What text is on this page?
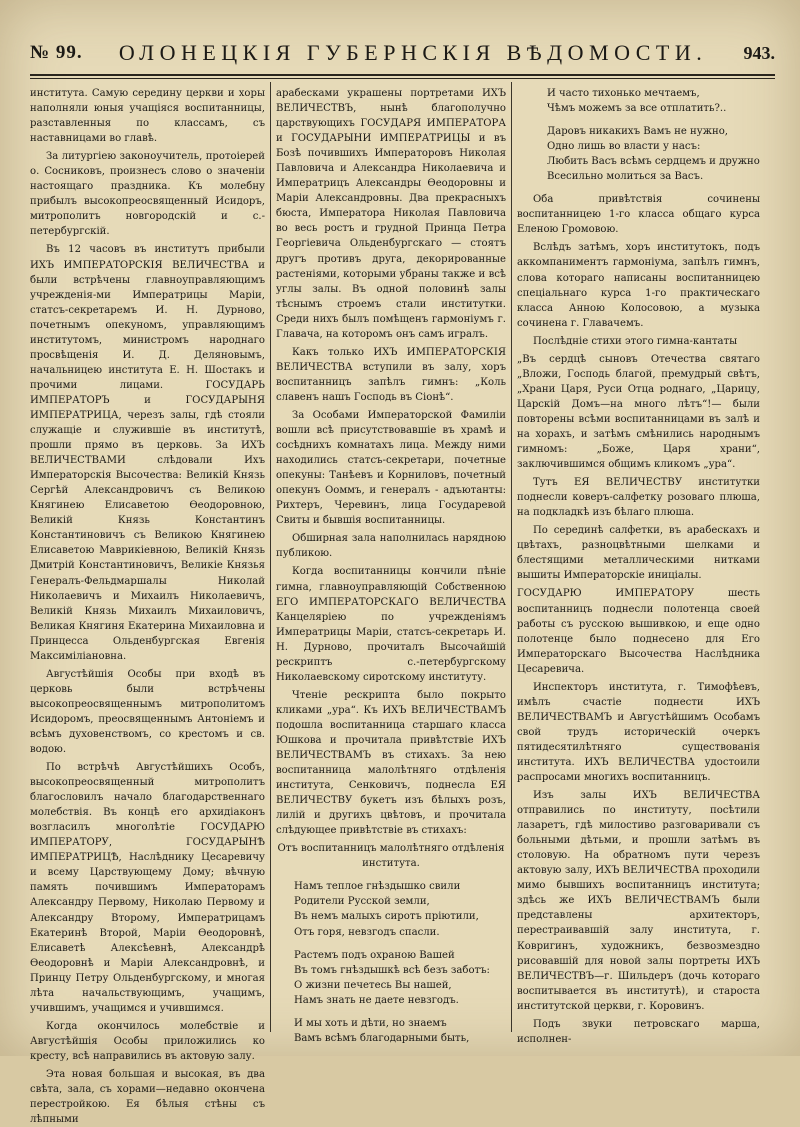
№ 99. ОЛОНЕЦКІЯ ГУБЕРНСКІЯ ВѢДОМОСТИ. 943.

института. Самую середину церкви и хоры наполняли юныя учащіяся воспитанницы, разставленныя по классамъ, съ наставницами во главѣ.

За литургіею законоучитель, протоіерей о. Сосниковъ, произнесъ слово о значеніи настоящаго праздника. Къ молебну прибылъ высокопреосвященный Исидоръ, митрополитъ новгородскій и с.-петербургскій.

Въ 12 часовъ въ институтъ прибыли ИХЪ ИМПЕРАТОРСКІЯ ВЕЛИЧЕСТВА и были встрѣчены главноуправляющимъ учрежденія-ми Императрицы Маріи, статсъ-секретаремъ И. Н. Дурново, почетнымъ опекуномъ, управляющимъ институтомъ, министромъ народнаго просвѣщенія И. Д. Деляновымъ, начальницею института Е. Н. Шостакъ и прочими лицами. ГОСУДАРЬ ИМПЕРАТОРЪ и ГОСУДАРЫНЯ ИМПЕРАТРИЦА, черезъ залы, гдѣ стояли служащіе и служившіе въ институтѣ, прошли прямо въ церковь. За ИХЪ ВЕЛИЧЕСТВАМИ слѣдовали Ихъ Императорскія Высочества: Великій Князь Сергѣй Александровичъ съ Великою Княгинею Елисаветою Ѳеодоровною, Великій Князь Константинъ Константиновичъ съ Великою Княгинею Елисаветою Маврикіевною, Великій Князь Дмитрій Константиновичъ, Великіе Князья Генералъ-Фельдмаршалы Николай Николаевичъ и Михаилъ Николаевичъ, Великій Князь Михаилъ Михаиловичъ, Великая Княгиня Екатерина Михаиловна и Принцесса Ольденбургская Евгенія Максиміліановна.

Августѣйшія Особы при входѣ въ церковь были встрѣчены высокопреосвященнымъ митрополитомъ Исидоромъ, преосвященнымъ Антоніемъ и всѣмъ духовенствомъ, со крестомъ и св. водою.

По встрѣчѣ Августѣйшихъ Особъ, высокопреосвященный митрополитъ благословилъ начало благодарственнаго молебствія. Въ концѣ его архидіаконъ возгласилъ многолѣтіе ГОСУДАРЮ ИМПЕРАТОРУ, ГОСУДАРЫНѢ ИМПЕРАТРИЦѢ, Наслѣднику Цесаревичу и всему Царствующему Дому; вѣчную память почившимъ Императорамъ Александру Первому, Николаю Первому и Александру Второму, Императрицамъ Екатеринѣ Второй, Маріи Ѳеодоровнѣ, Елисаветѣ Алексѣевнѣ, Александрѣ Ѳеодоровнѣ и Маріи Александровнѣ, и Принцу Петру Ольденбургскому, и многая лѣта начальствующимъ, учащимъ, учившимъ, учащимся и учившимся.

Когда окончилось молебствіе и Августѣйшія Особы приложились ко кресту, всѣ направились въ актовую залу.

Эта новая большая и высокая, въ два свѣта, зала, съ хорами—недавно окончена перестройкою. Ея бѣлыя стѣны съ лѣпными

арабесками украшены портретами ИХЪ ВЕЛИЧЕСТВЪ, нынѣ благополучно царствующихъ ГОСУДАРЯ ИМПЕРАТОРА и ГОСУДАРЫНИ ИМПЕРАТРИЦЫ и въ Бозѣ почившихъ Императоровъ Николая Павловича и Александра Николаевича и Императрицъ Александры Ѳеодоровны и Маріи Александровны. Два прекрасныхъ бюста, Императора Николая Павловича во весь ростъ и грудной Принца Петра Георгіевича Ольденбургскаго — стоятъ другъ противъ друга, декорированные растеніями, которыми убраны также и всѣ углы залы. Въ одной половинѣ залы тѣснымъ строемъ стали институтки. Среди нихъ былъ помѣщенъ гармоніумъ г. Главача, на которомъ онъ самъ игралъ.

Какъ только ИХЪ ИМПЕРАТОРСКІЯ ВЕЛИЧЕСТВА вступили въ залу, хоръ воспитанницъ запѣлъ гимнъ: „Коль славенъ нашъ Господь въ Сіонѣ“.

За Особами Императорской Фамиліи вошли всѣ присутствовавшіе въ храмѣ и сосѣднихъ комнатахъ лица. Между ними находились статсъ-секретари, почетные опекуны: Танѣевъ и Корниловъ, почетный опекунъ Ооммъ, и генералъ - адъютанты: Рихтеръ, Черевинъ, лица Государевой Свиты и бывшія воспитанницы.

Обширная зала наполнилась нарядною публикою.

Когда воспитанницы кончили пѣніе гимна, главноуправляющій Собственною ЕГО ИМПЕРАТОРСКАГО ВЕЛИЧЕСТВА Канцеляріею по учрежденіямъ Императрицы Маріи, статсъ-секретарь И. Н. Дурново, прочиталъ Высочайшій рескриптъ с.-петербургскому Николаевскому сиротскому институту.

Чтеніе рескрипта было покрыто кликами „ура“. Къ ИХЪ ВЕЛИЧЕСТВАМЪ подошла воспитанница старшаго класса Юшкова и прочитала привѣтствіе ИХЪ ВЕЛИЧЕСТВАМЪ въ стихахъ. За нею воспитанница малолѣтняго отдѣленія института, Сенковичъ, поднесла ЕЯ ВЕЛИЧЕСТВУ букетъ изъ бѣлыхъ розъ, лилій и другихъ цвѣтовъ, и прочитала слѣдующее привѣтствіе въ стихахъ:

Отъ воспитанницъ малолѣтняго отдѣленія института.

Намъ теплое гнѣздышко свили

Родители Русской земли,

Въ немъ малыхъ сиротъ пріютили,

Отъ горя, невзгодъ спасли.

Растемъ подъ охраною Вашей

Въ томъ гнѣздышкѣ всѣ безъ заботъ:

О жизни печетесь Вы нашей,

Намъ знать не даете невзгодъ.

И мы хоть и дѣти, но знаемъ

Вамъ всѣмъ благодарными быть,

И часто тихонько мечтаемъ,

Чѣмъ можемъ за все отплатить?..

Даровъ никакихъ Вамъ не нужно,

Одно лишь во власти у насъ:

Любить Васъ всѣмъ сердцемъ и дружно

Всесильно молиться за Васъ.

Оба привѣтствія сочинены воспитанницею 1-го класса общаго курса Еленою Громовою.

Вслѣдъ затѣмъ, хоръ институтокъ, подъ аккомпаниментъ гармоніума, запѣлъ гимнъ, слова котораго написаны воспитанницею спеціальнаго курса 1-го практическаго класса Анною Колосовою, а музыка сочинена г. Главачемъ.

Послѣдніе стихи этого гимна-кантаты

„Въ сердцѣ сыновъ Отечества святаго „Вложи, Господь благой, премудрый свѣтъ, „Храни Царя, Руси Отца роднаго, „Царицу, Царскій Домъ—на много лѣтъ“!— были повторены всѣми воспитанницами въ залѣ и на хорахъ, и затѣмъ смѣнились народнымъ гимномъ: „Боже, Царя храни“, заключившимся общимъ кликомъ „ура“.

Тутъ ЕЯ ВЕЛИЧЕСТВУ институтки поднесли коверъ-салфетку розоваго плюша, на подкладкѣ изъ бѣлаго плюша.

По серединѣ салфетки, въ арабескахъ и цвѣтахъ, разноцвѣтными шелками и блестящими металлическими нитками вышиты Императорскіе иниціалы.

ГОСУДАРЮ ИМПЕРАТОРУ шесть воспитанницъ поднесли полотенца своей работы съ русскою вышивкою, и еще одно полотенце было поднесено для Его Императорскаго Высочества Наслѣдника Цесаревича.

Инспекторъ института, г. Тимофѣевъ, имѣлъ счастіе поднести ИХЪ ВЕЛИЧЕСТВАМЪ и Августѣйшимъ Особамъ свой трудъ историческій очеркъ пятидесятилѣтняго существованія института. ИХЪ ВЕЛИЧЕСТВА удостоили распросами многихъ воспитанницъ.

Изъ залы ИХЪ ВЕЛИЧЕСТВА отправились по институту, посѣтили лазаретъ, гдѣ милостиво разговаривали съ больными дѣтьми, и прошли затѣмъ въ столовую. На обратномъ пути черезъ актовую залу, ИХЪ ВЕЛИЧЕСТВА проходили мимо бывшихъ воспитанницъ института; здѣсь же ИХЪ ВЕЛИЧЕСТВАМЪ были представлены архитекторъ, перестраивавшій залу института, г. Ковригинъ, художникъ, безвозмездно рисовавшій для новой залы портреты ИХЪ ВЕЛИЧЕСТВЪ—г. Шильдеръ (дочь котораго воспитывается въ институтѣ), и староста институтской церкви, г. Коровинъ.

Подъ звуки петровскаго марша, исполнен-
